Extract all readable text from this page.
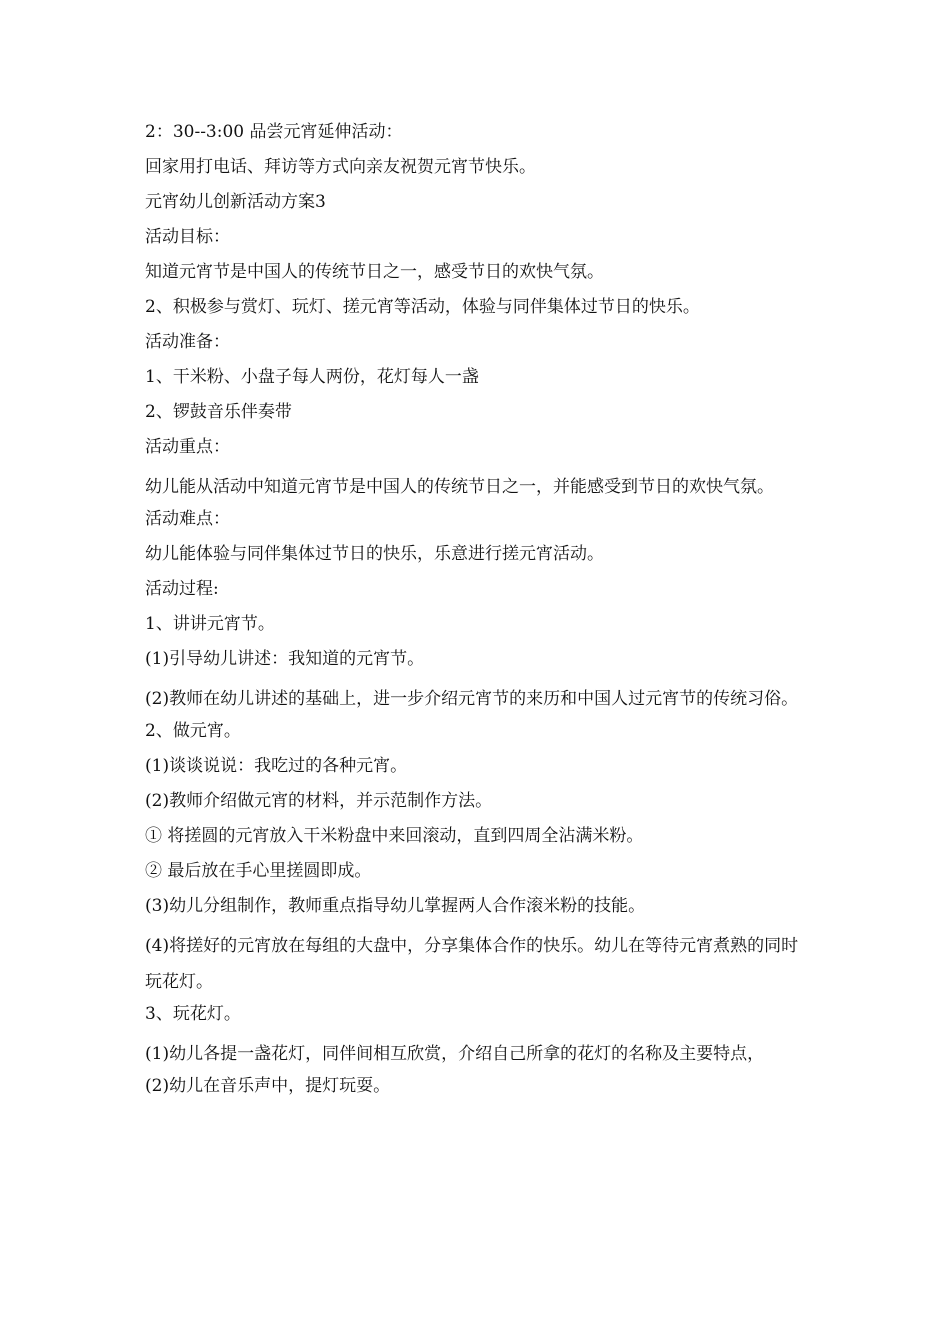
2：30--3:00 品尝元宵延伸活动：

回家用打电话、拜访等方式向亲友祝贺元宵节快乐。

元宵幼儿创新活动方案3

活动目标：

知道元宵节是中国人的传统节日之一，感受节日的欢快气氛。

2、积极参与赏灯、玩灯、搓元宵等活动，体验与同伴集体过节日的快乐。

活动准备：

1、干米粉、小盘子每人两份，花灯每人一盏

2、锣鼓音乐伴奏带

活动重点：

幼儿能从活动中知道元宵节是中国人的传统节日之一，并能感受到节日的欢快气氛。

活动难点：

幼儿能体验与同伴集体过节日的快乐，乐意进行搓元宵活动。

活动过程:

1、讲讲元宵节。

(1)引导幼儿讲述：我知道的元宵节。

(2)教师在幼儿讲述的基础上，进一步介绍元宵节的来历和中国人过元宵节的传统习俗。

2、做元宵。

(1)谈谈说说：我吃过的各种元宵。

(2)教师介绍做元宵的材料，并示范制作方法。

① 将搓圆的元宵放入干米粉盘中来回滚动，直到四周全沾满米粉。

② 最后放在手心里搓圆即成。

(3)幼儿分组制作，教师重点指导幼儿掌握两人合作滚米粉的技能。

(4)将搓好的元宵放在每组的大盘中，分享集体合作的快乐。幼儿在等待元宵煮熟的同时玩花灯。

3、玩花灯。

(1)幼儿各提一盏花灯，同伴间相互欣赏，介绍自己所拿的花灯的名称及主要特点，

(2)幼儿在音乐声中，提灯玩耍。
